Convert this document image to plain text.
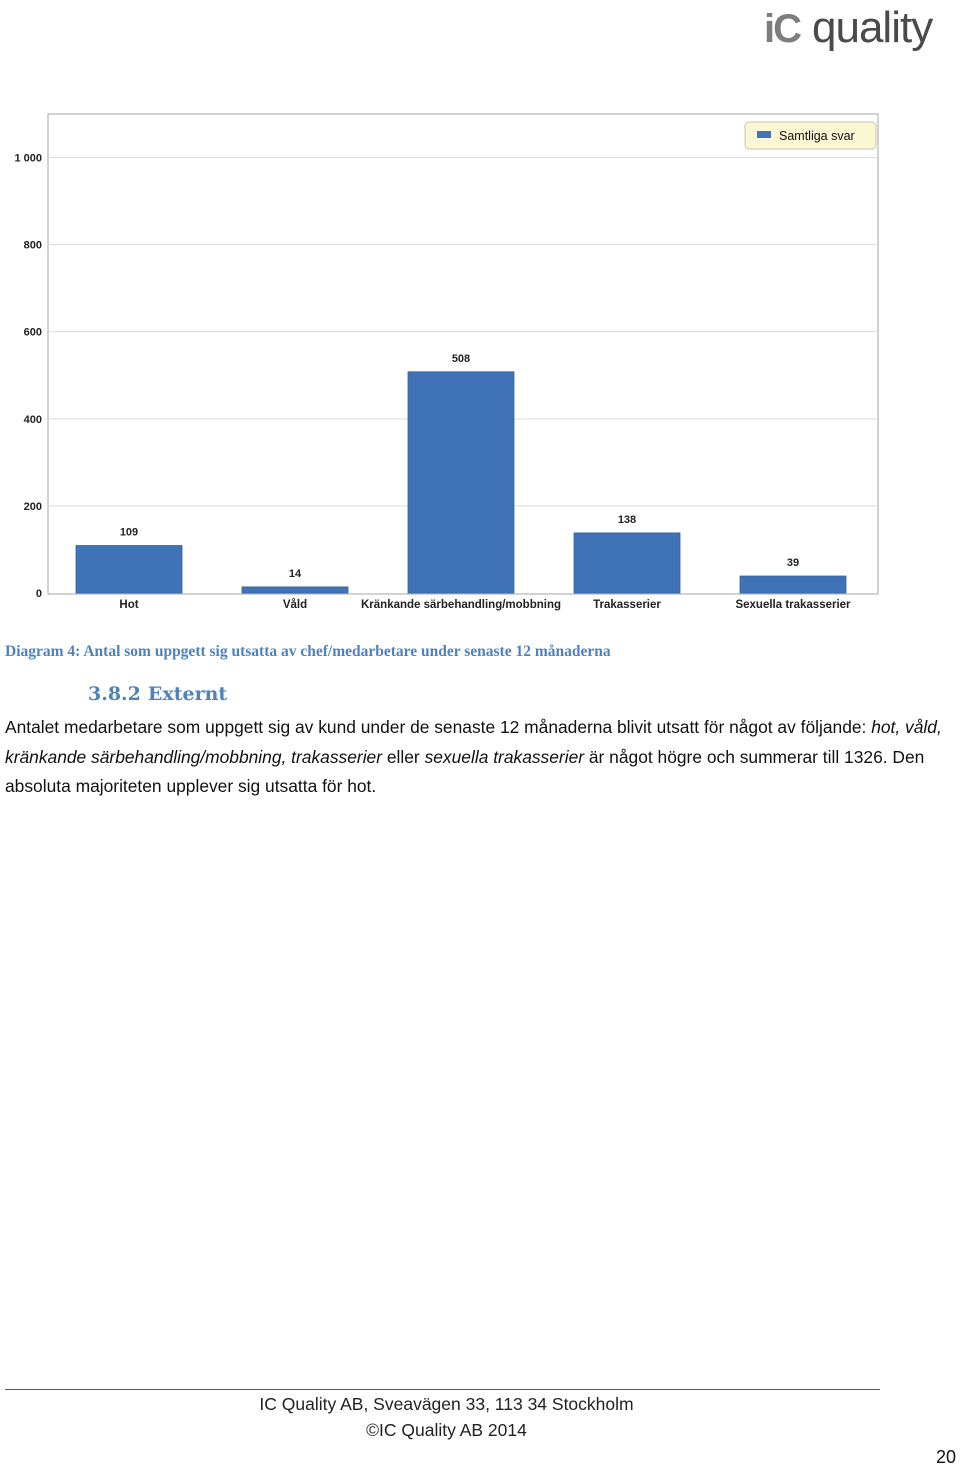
iC quality
109
14
508
138
39
0
200
400
600
800
1 000
Hot	Våld	Kränkande särbehandling/mobbning	Trakasserier	Sexuella trakasserier
Samtliga svar
Diagram 4: Antal som uppgett sig utsatta av chef/medarbetare under senaste 12 månaderna
3.8.2 Externt
Antalet medarbetare som uppgett sig av kund under de senaste 12 månaderna blivit utsatt för något av följande: hot, våld, kränkande särbehandling/mobbning, trakasserier eller sexuella trakasserier är något högre och summerar till 1326. Den absoluta majoriteten upplever sig utsatta för hot.
IC Quality AB, Sveavägen 33, 113 34 Stockholm
©IC Quality AB 2014
20
